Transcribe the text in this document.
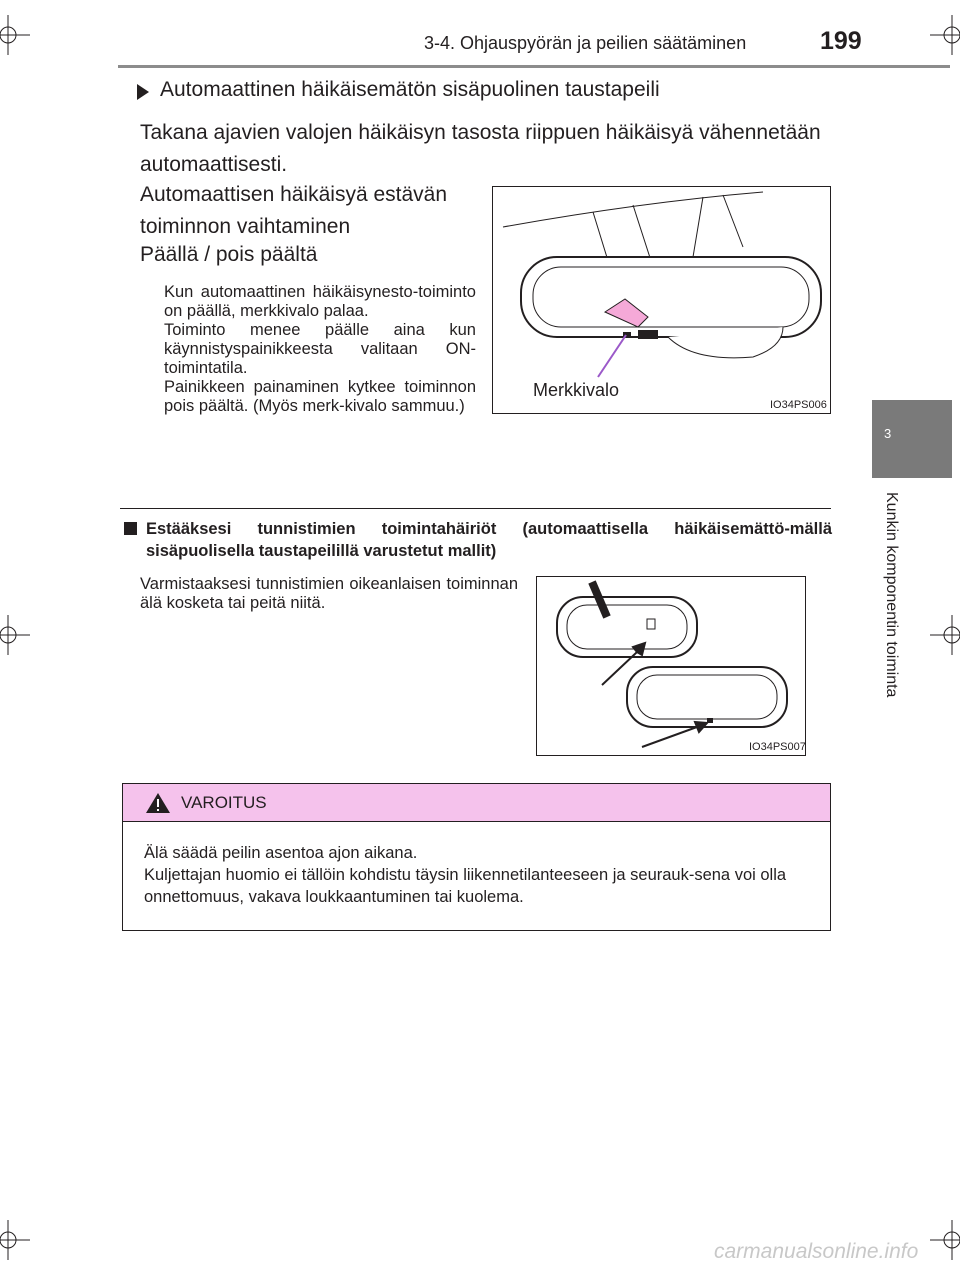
3-4. Ohjauspyörän ja peilien säätäminen	199
3
Kunkin komponentin toiminta
Automaattinen häikäisemätön sisäpuolinen taustapeili
Takana ajavien valojen häikäisyn tasosta riippuen häikäisyä vähennetään automaattisesti.
Automaattisen häikäisyä estävän toiminnon vaihtaminen
Päällä / pois päältä
Kun automaattinen häikäisynesto-toiminto on päällä, merkkivalo palaa.
Toiminto menee päälle aina kun käynnistyspainikkeesta valitaan ON-toimintatila.
Painikkeen painaminen kytkee toiminnon pois päältä. (Myös merk-kivalo sammuu.)
Merkkivalo
IO34PS006
Estääksesi tunnistimien toimintahäiriöt (automaattisella häikäisemättö-mällä sisäpuolisella taustapeilillä varustetut mallit)
Varmistaaksesi tunnistimien oikeanlaisen toiminnan älä kosketa tai peitä niitä.
IO34PS007
VAROITUS
Älä säädä peilin asentoa ajon aikana.
Kuljettajan huomio ei tällöin kohdistu täysin liikennetilanteeseen ja seurauk-sena voi olla onnettomuus, vakava loukkaantuminen tai kuolema.
carmanualsonline.info
